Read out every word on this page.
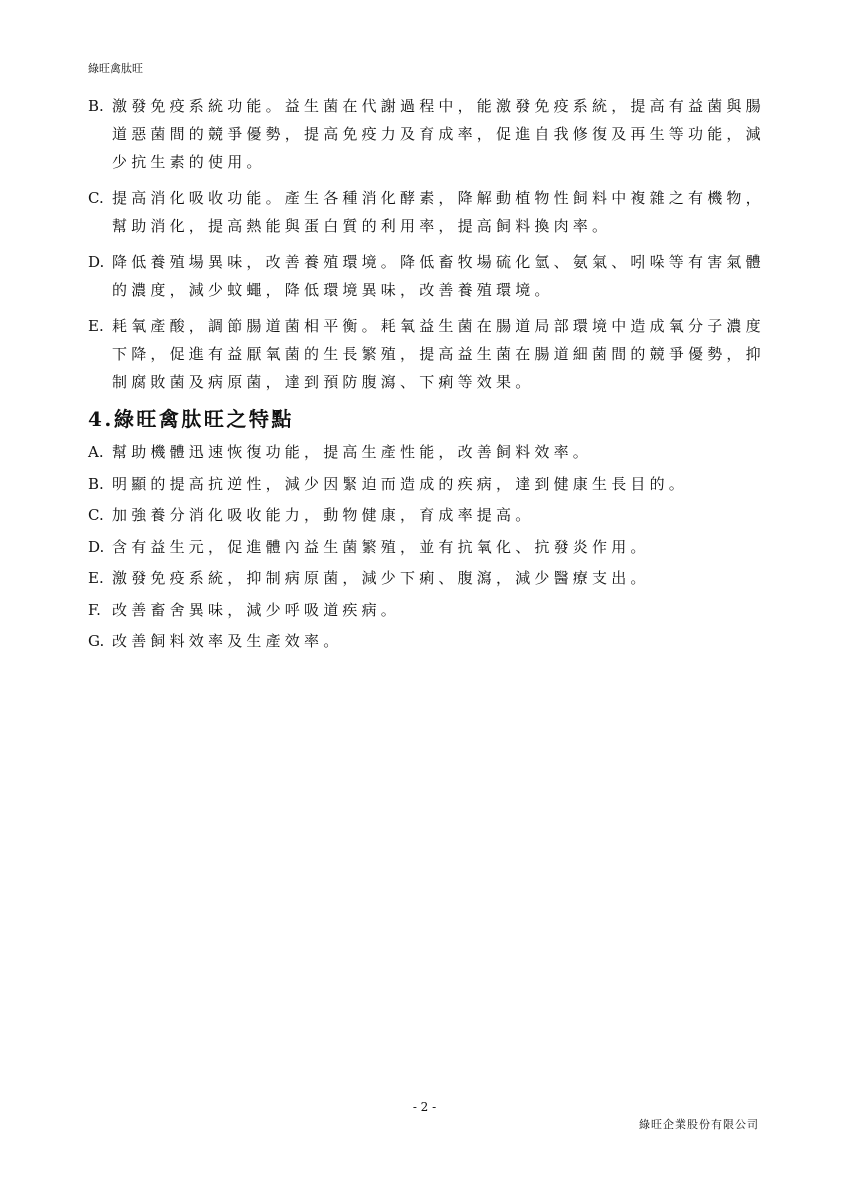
綠旺禽肽旺
B. 激發免疫系統功能。益生菌在代謝過程中，能激發免疫系統，提高有益菌與腸道惡菌間的競爭優勢，提高免疫力及育成率，促進自我修復及再生等功能，減少抗生素的使用。
C. 提高消化吸收功能。產生各種消化酵素，降解動植物性飼料中複雜之有機物，幫助消化，提高熱能與蛋白質的利用率，提高飼料換肉率。
D. 降低養殖場異味，改善養殖環境。降低畜牧場硫化氫、氨氣、吲哚等有害氣體的濃度，減少蚊蠅，降低環境異味，改善養殖環境。
E. 耗氧產酸，調節腸道菌相平衡。耗氧益生菌在腸道局部環境中造成氧分子濃度下降，促進有益厭氧菌的生長繁殖，提高益生菌在腸道細菌間的競爭優勢，抑制腐敗菌及病原菌，達到預防腹瀉、下痢等效果。
4.綠旺禽肽旺之特點
A. 幫助機體迅速恢復功能，提高生產性能，改善飼料效率。
B. 明顯的提高抗逆性，減少因緊迫而造成的疾病，達到健康生長目的。
C. 加強養分消化吸收能力，動物健康，育成率提高。
D. 含有益生元，促進體內益生菌繁殖，並有抗氧化、抗發炎作用。
E. 激發免疫系統，抑制病原菌，減少下痢、腹瀉，減少醫療支出。
F. 改善畜舍異味，減少呼吸道疾病。
G. 改善飼料效率及生產效率。
- 2 -
綠旺企業股份有限公司
